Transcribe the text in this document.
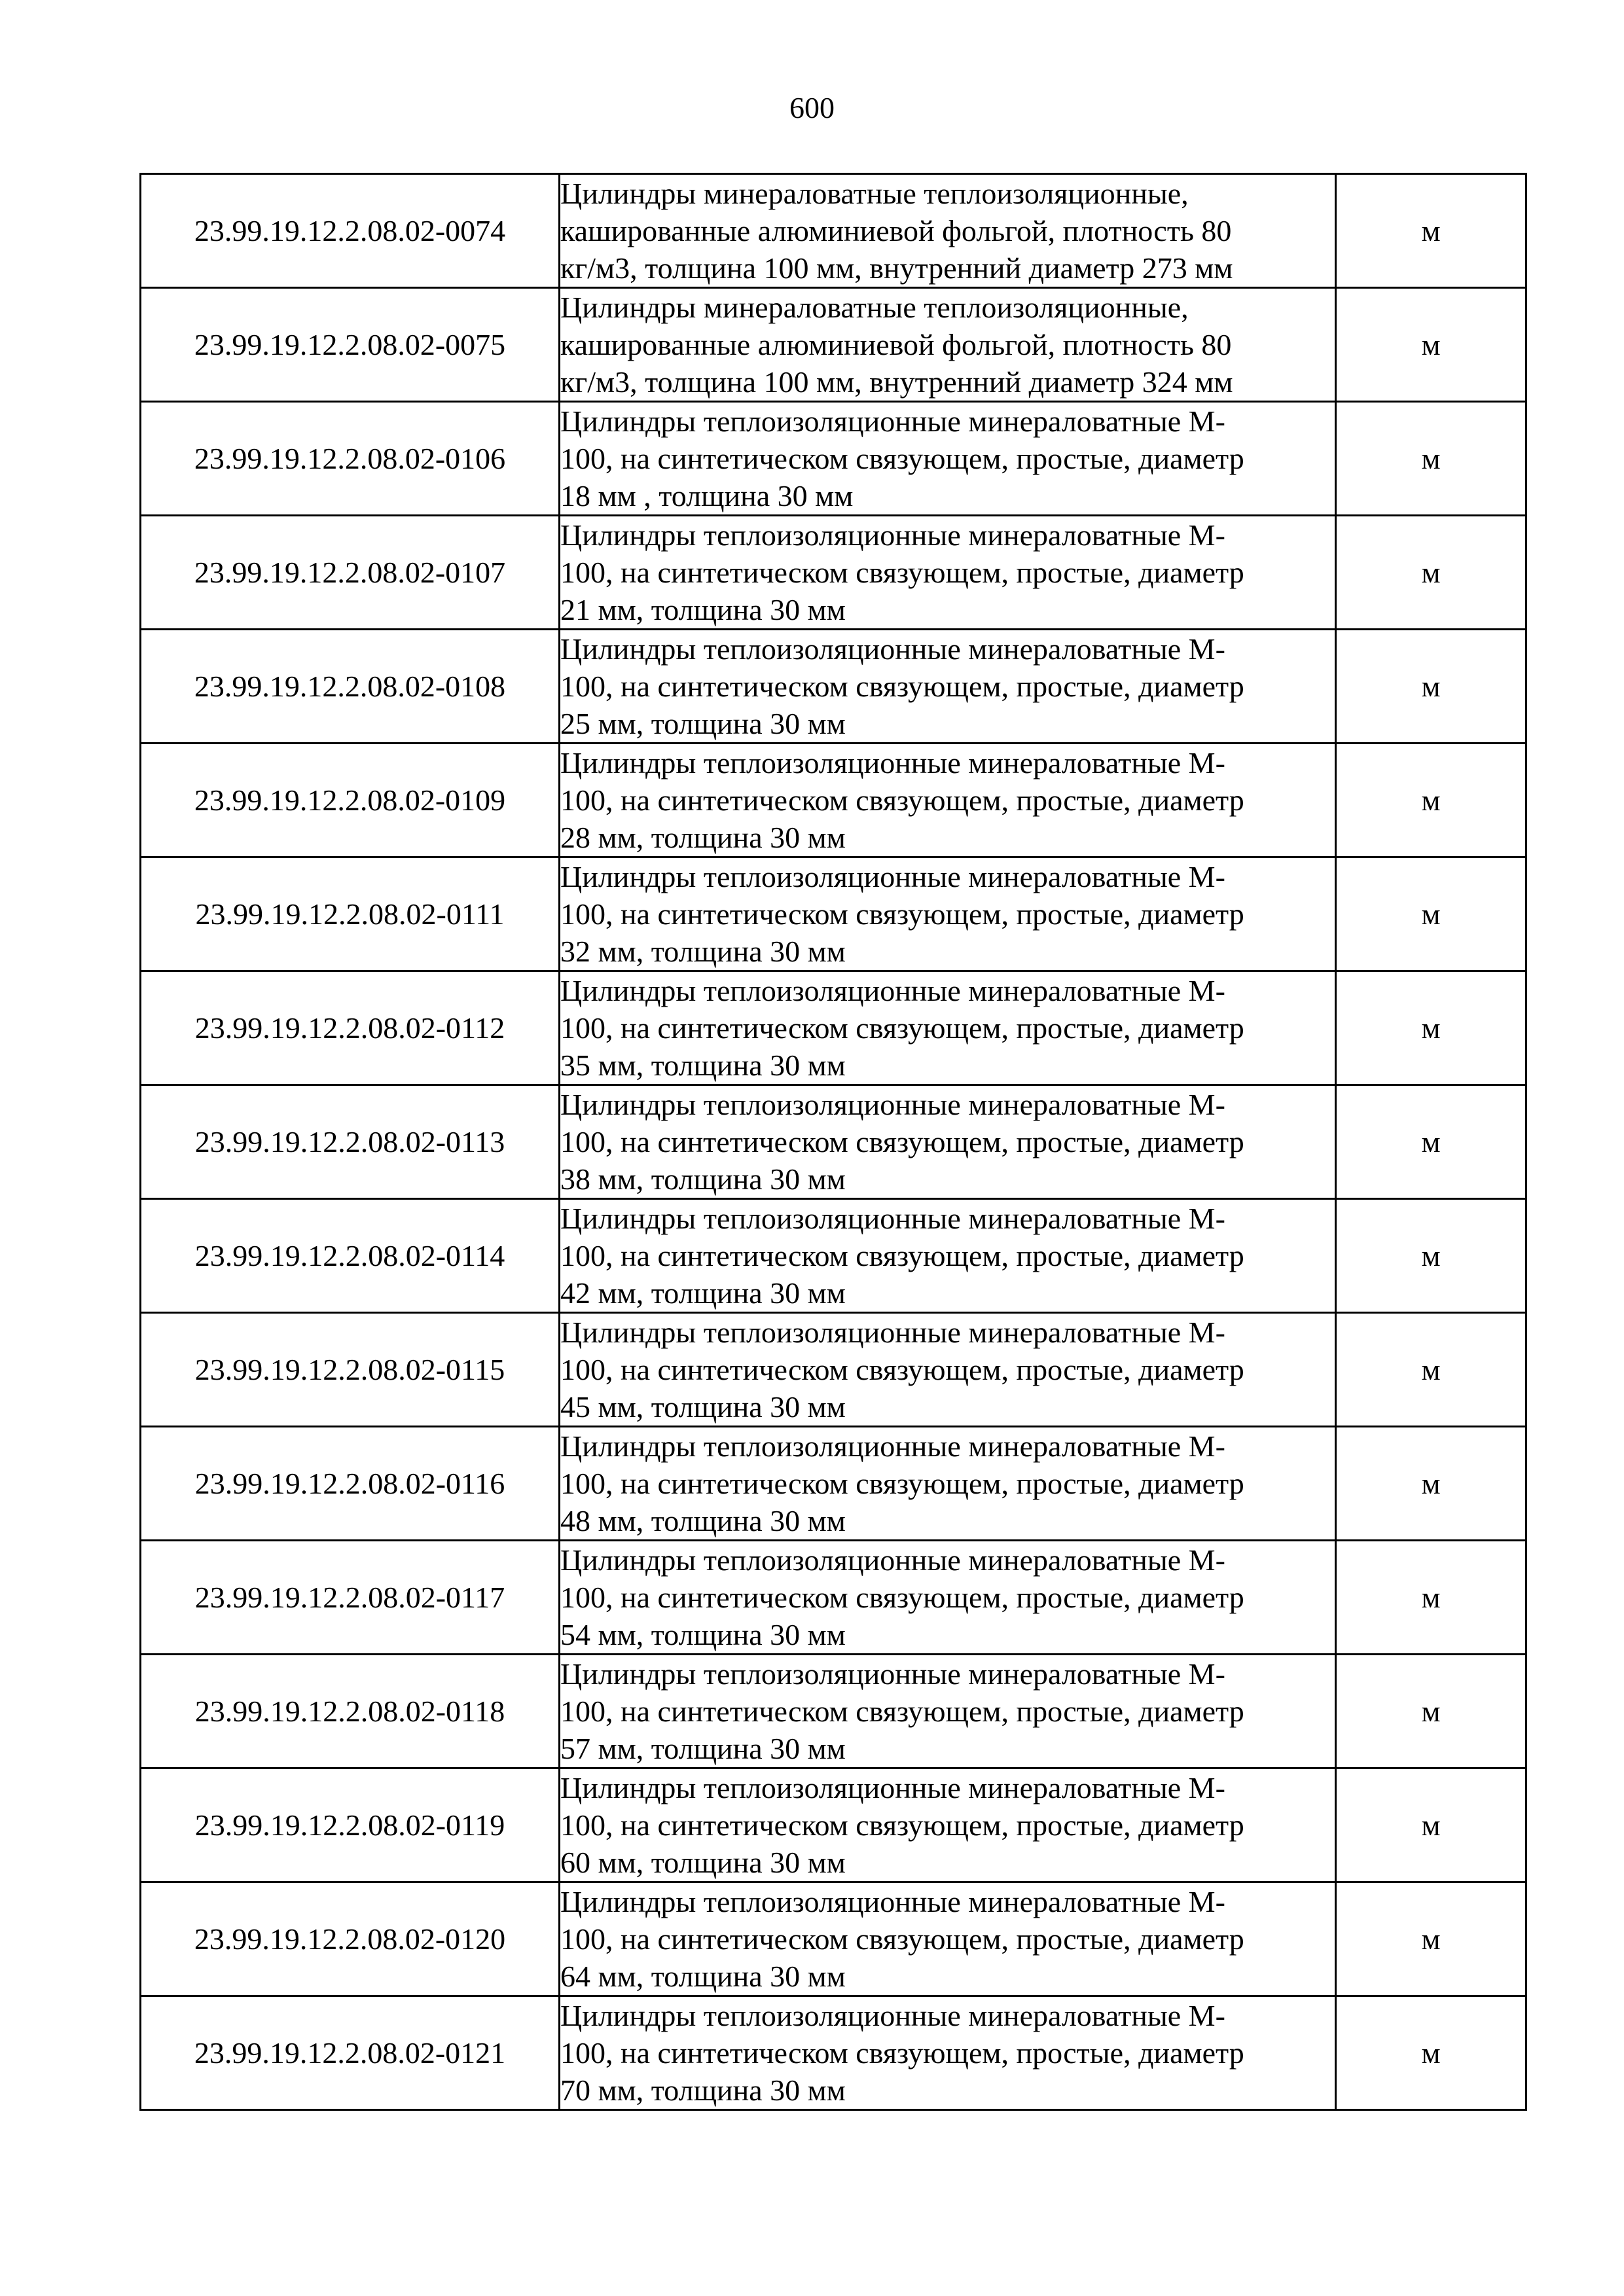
600
23.99.19.12.2.08.02-0074	Цилиндры минераловатные теплоизоляционные,
кашированные алюминиевой фольгой, плотность 80
кг/м3, толщина 100 мм, внутренний диаметр 273 мм	м
23.99.19.12.2.08.02-0075	Цилиндры минераловатные теплоизоляционные,
кашированные алюминиевой фольгой, плотность 80
кг/м3, толщина 100 мм, внутренний диаметр 324 мм	м
23.99.19.12.2.08.02-0106	Цилиндры теплоизоляционные минераловатные М-
100, на синтетическом связующем, простые, диаметр
18 мм , толщина 30 мм	м
23.99.19.12.2.08.02-0107	Цилиндры теплоизоляционные минераловатные М-
100, на синтетическом связующем, простые, диаметр
21 мм, толщина 30 мм	м
23.99.19.12.2.08.02-0108	Цилиндры теплоизоляционные минераловатные М-
100, на синтетическом связующем, простые, диаметр
25 мм, толщина 30 мм	м
23.99.19.12.2.08.02-0109	Цилиндры теплоизоляционные минераловатные М-
100, на синтетическом связующем, простые, диаметр
28 мм, толщина 30 мм	м
23.99.19.12.2.08.02-0111	Цилиндры теплоизоляционные минераловатные М-
100, на синтетическом связующем, простые, диаметр
32 мм, толщина 30 мм	м
23.99.19.12.2.08.02-0112	Цилиндры теплоизоляционные минераловатные М-
100, на синтетическом связующем, простые, диаметр
35 мм, толщина 30 мм	м
23.99.19.12.2.08.02-0113	Цилиндры теплоизоляционные минераловатные М-
100, на синтетическом связующем, простые, диаметр
38 мм, толщина 30 мм	м
23.99.19.12.2.08.02-0114	Цилиндры теплоизоляционные минераловатные М-
100, на синтетическом связующем, простые, диаметр
42 мм, толщина 30 мм	м
23.99.19.12.2.08.02-0115	Цилиндры теплоизоляционные минераловатные М-
100, на синтетическом связующем, простые, диаметр
45 мм, толщина 30 мм	м
23.99.19.12.2.08.02-0116	Цилиндры теплоизоляционные минераловатные М-
100, на синтетическом связующем, простые, диаметр
48 мм, толщина 30 мм	м
23.99.19.12.2.08.02-0117	Цилиндры теплоизоляционные минераловатные М-
100, на синтетическом связующем, простые, диаметр
54 мм, толщина 30 мм	м
23.99.19.12.2.08.02-0118	Цилиндры теплоизоляционные минераловатные М-
100, на синтетическом связующем, простые, диаметр
57 мм, толщина 30 мм	м
23.99.19.12.2.08.02-0119	Цилиндры теплоизоляционные минераловатные М-
100, на синтетическом связующем, простые, диаметр
60 мм, толщина 30 мм	м
23.99.19.12.2.08.02-0120	Цилиндры теплоизоляционные минераловатные М-
100, на синтетическом связующем, простые, диаметр
64 мм, толщина 30 мм	м
23.99.19.12.2.08.02-0121	Цилиндры теплоизоляционные минераловатные М-
100, на синтетическом связующем, простые, диаметр
70 мм, толщина 30 мм	м
